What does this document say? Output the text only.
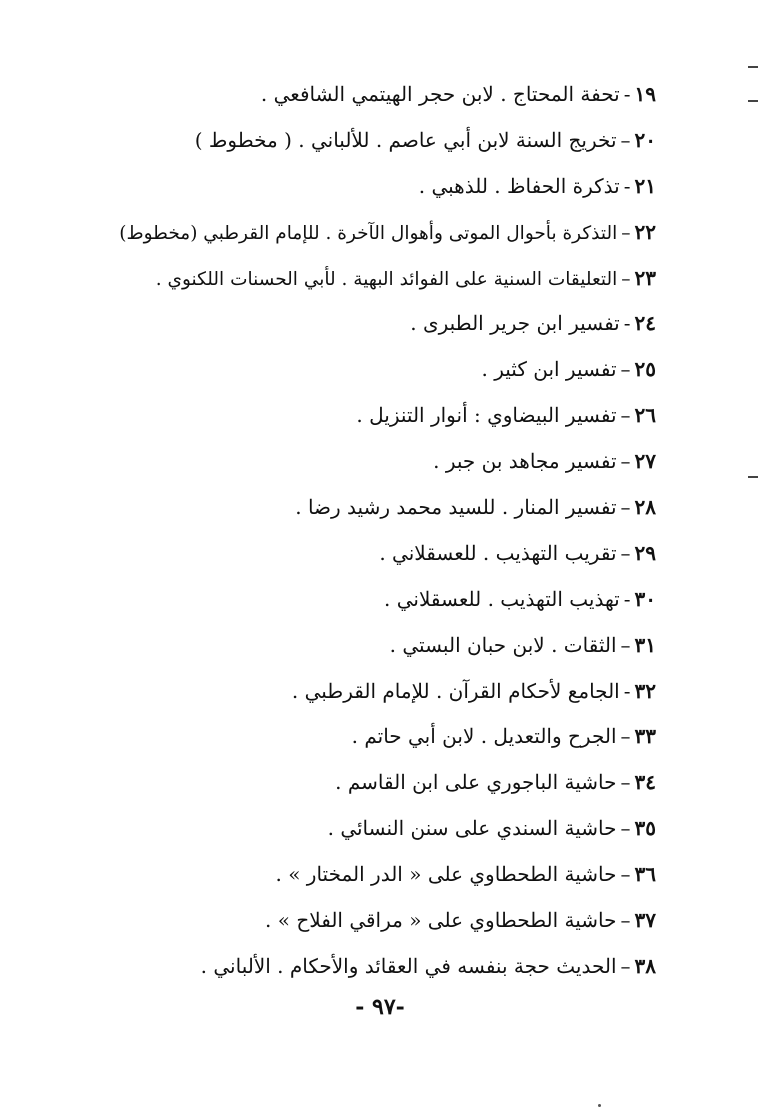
١٩-تحفة المحتاج . لابن حجر الهيتمي الشافعي .
٢٠–تخريج السنة لابن أبي عاصم . للألباني . ( مخطوط )
٢١-تذكرة الحفاظ . للذهبي .
٢٢–التذكرة بأحوال الموتى وأهوال الآخرة . للإمام القرطبي (مخطوط)
٢٣–التعليقات السنية على الفوائد البهية . لأبي الحسنات اللكنوي .
٢٤-تفسير ابن جرير الطبرى .
٢٥–تفسير ابن كثير .
٢٦–تفسير البيضاوي : أنوار التنزيل .
٢٧–تفسير مجاهد بن جبر .
٢٨–تفسير المنار . للسيد محمد رشيد رضا .
٢٩–تقريب التهذيب . للعسقلاني .
٣٠-تهذيب التهذيب . للعسقلاني .
٣١–الثقات . لابن حبان البستي .
٣٢-الجامع لأحكام القرآن . للإمام القرطبي .
٣٣–الجرح والتعديل . لابن أبي حاتم .
٣٤–حاشية الباجوري على ابن القاسم .
٣٥–حاشية السندي على سنن النسائي .
٣٦–حاشية الطحطاوي على « الدر المختار » .
٣٧–حاشية الطحطاوي على « مراقي الفلاح » .
٣٨–الحديث حجة بنفسه في العقائد والأحكام . الألباني .
-٩٧ -
